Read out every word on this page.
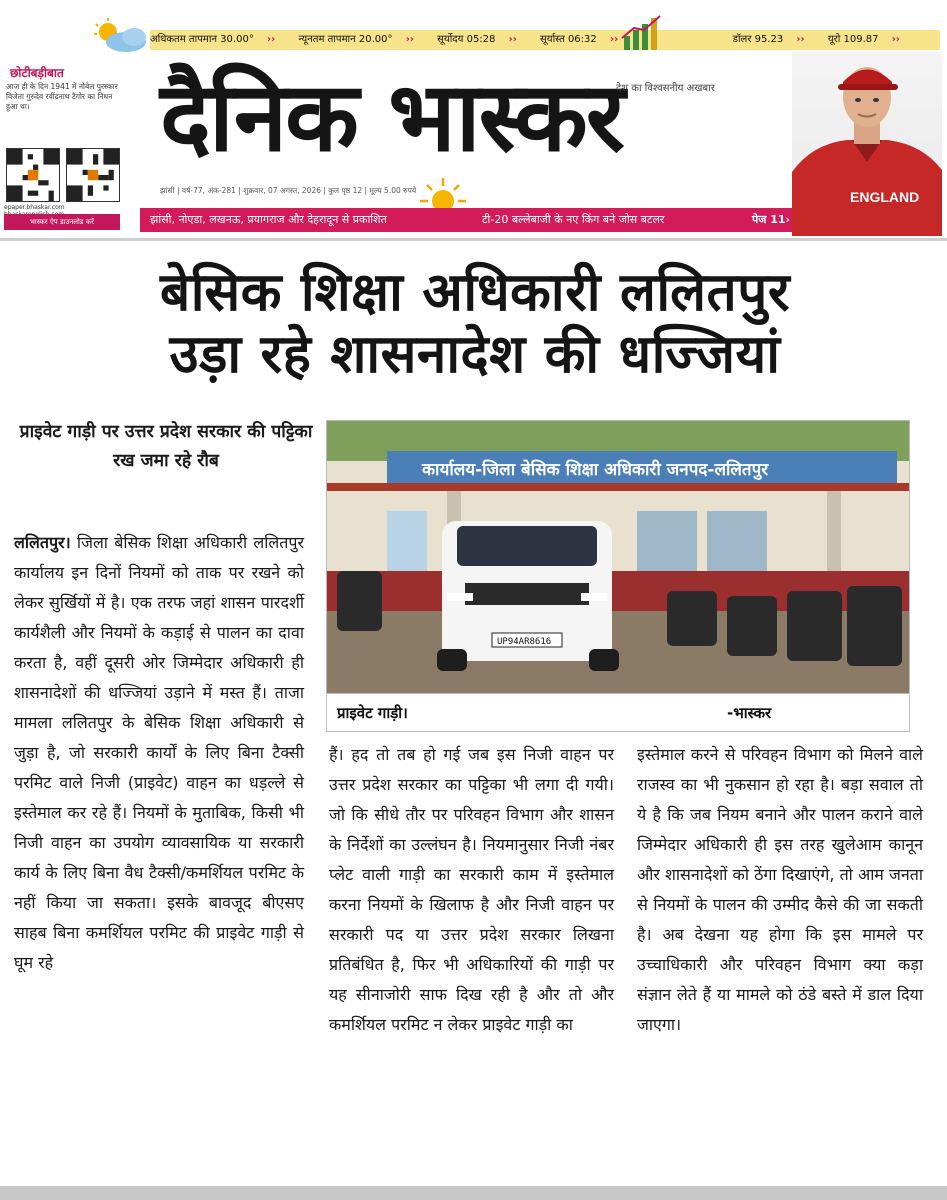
अधिकतम तापमान 30.00° ›› न्यूनतम तापमान 20.00° ›› सूर्योदय 05:28 ›› सूर्यास्त 06:32 ››	डॉलर 95.23 ›› यूरो 109.87 ››
छोटीबड़ीबात
आज ही के दिन 1941 में नोबेल पुरस्कार विजेता गुरुदेव रवींद्रनाथ टैगोर का निधन हुआ था।
epaper.bhaskar.com
भास्कर ऐप डाउनलोड करें
दैनिक भास्कर
देश का विश्वसनीय अखबार
झांसी | वर्ष-77, अंक-281 | शुक्रवार, 07 अगस्त, 2026 | कुल पृष्ठ 12 | मूल्य 5.00 रुपये
झांसी, नोएडा, लखनऊ, प्रयागराज और देहरादून से प्रकाशित	टी-20 बल्लेबाजी के नए किंग बने जोस बटलर	पेज 11›
ENGLAND
बेसिक शिक्षा अधिकारी ललितपुर
उड़ा रहे शासनादेश की धज्जियां
प्राइवेट गाड़ी पर उत्तर प्रदेश सरकार की पट्टिका रख जमा रहे रौब
ललितपुर। जिला बेसिक शिक्षा अधिकारी ललितपुर कार्यालय इन दिनों नियमों को ताक पर रखने को लेकर सुर्खियों में है। एक तरफ जहां शासन पारदर्शी कार्यशैली और नियमों के कड़ाई से पालन का दावा करता है, वहीं दूसरी ओर जिम्मेदार अधिकारी ही शासनादेशों की धज्जियां उड़ाने में मस्त हैं। ताजा मामला ललितपुर के बेसिक शिक्षा अधिकारी से जुड़ा है, जो सरकारी कार्यों के लिए बिना टैक्सी परमिट वाले निजी (प्राइवेट) वाहन का धड़ल्ले से इस्तेमाल कर रहे हैं। नियमों के मुताबिक, किसी भी निजी वाहन का उपयोग व्यावसायिक या सरकारी कार्य के लिए बिना वैध टैक्सी/कमर्शियल परमिट के नहीं किया जा सकता। इसके बावजूद बीएसए साहब बिना कमर्शियल परमिट की प्राइवेट गाड़ी से घूम रहे
कार्यालय-जिला बेसिक शिक्षा अधिकारी जनपद-ललितपुर
UP94AR8616
प्राइवेट गाड़ी।	-भास्कर
हैं। हद तो तब हो गई जब इस निजी वाहन पर उत्तर प्रदेश सरकार का पट्टिका भी लगा दी गयी। जो कि सीधे तौर पर परिवहन विभाग और शासन के निर्देशों का उल्लंघन है। नियमानुसार निजी नंबर प्लेट वाली गाड़ी का सरकारी काम में इस्तेमाल करना नियमों के खिलाफ है और निजी वाहन पर सरकारी पद या उत्तर प्रदेश सरकार लिखना प्रतिबंधित है, फिर भी अधिकारियों की गाड़ी पर यह सीनाजोरी साफ दिख रही है और तो और कमर्शियल परमिट न लेकर प्राइवेट गाड़ी का
इस्तेमाल करने से परिवहन विभाग को मिलने वाले राजस्व का भी नुकसान हो रहा है। बड़ा सवाल तो ये है कि जब नियम बनाने और पालन कराने वाले जिम्मेदार अधिकारी ही इस तरह खुलेआम कानून और शासनादेशों को ठेंगा दिखाएंगे, तो आम जनता से नियमों के पालन की उम्मीद कैसे की जा सकती है। अब देखना यह होगा कि इस मामले पर उच्चाधिकारी और परिवहन विभाग क्या कड़ा संज्ञान लेते हैं या मामले को ठंडे बस्ते में डाल दिया जाएगा।
